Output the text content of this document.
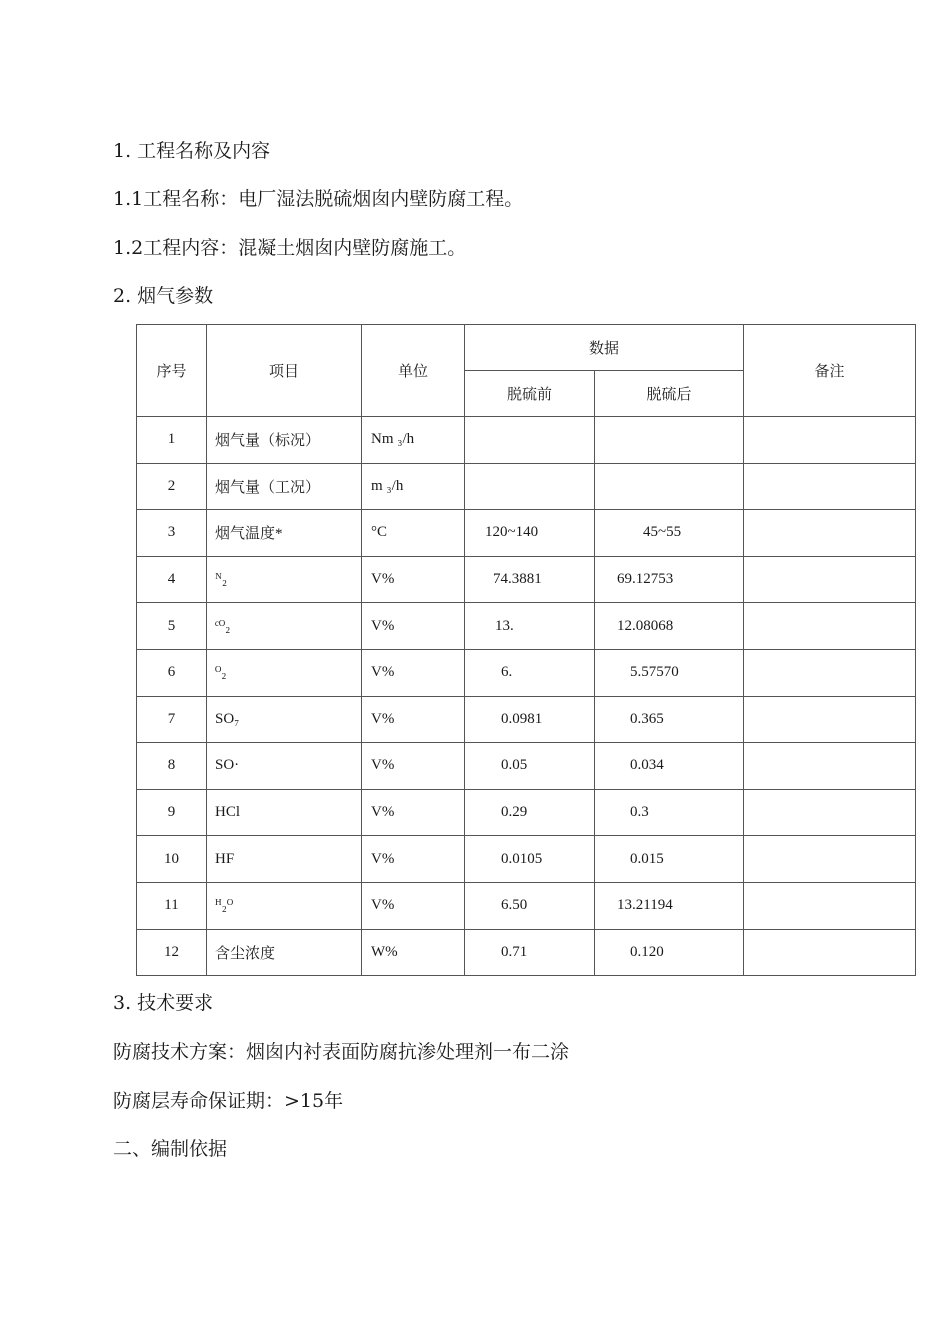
1. 工程名称及内容
1.1工程名称：电厂湿法脱硫烟囱内壁防腐工程。
1.2工程内容：混凝土烟囱内壁防腐施工。
2. 烟气参数
序号	项目	单位	数据		备注
			脱硫前	脱硫后	
1	烟气量（标况）	Nm ₃/h			
2	烟气量（工况）	m ₃/h			
3	烟气温度*	°C	120~140	45~55	
4	ᴺ₂	V%	74.3881	69.12753	
5	ᶜᴼ₂	V%	13.	12.08068	
6	ᴼ₂	V%	6.	5.57570	
7	SO₇	V%	0.0981	0.365	
8	SO·	V%	0.05	0.034	
9	HCl	V%	0.29	0.3	
10	HF	V%	0.0105	0.015	
11	ᴴ₂ᴼ	V%	6.50	13.21194	
12	含尘浓度	W%	0.71	0.120	
3. 技术要求
防腐技术方案：烟囱内衬表面防腐抗渗处理剂一布二涂
防腐层寿命保证期：>15年
二、编制依据
